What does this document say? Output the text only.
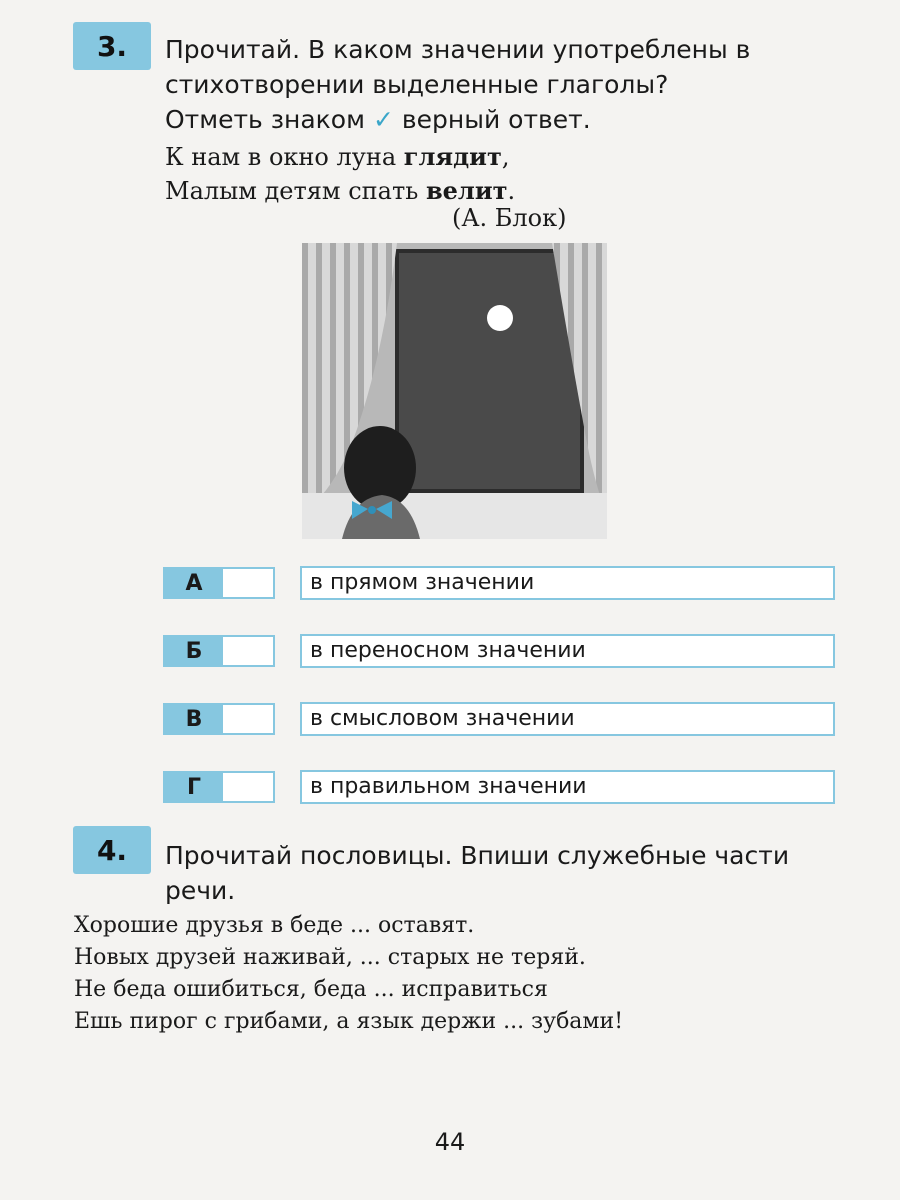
3.	Прочитай. В каком значении употреблены в
стихотворении выделенные глаголы?
Отметь знаком ✓ верный ответ.
К нам в окно луна глядит,
Малым детям спать велит.
(А. Блок)
А	в прямом значении
Б	в переносном значении
В	в смысловом значении
Г	в правильном значении
4.	Прочитай пословицы. Впиши служебные части
речи.
Хорошие друзья в беде ... оставят.
Новых друзей наживай, ... старых не теряй.
Не беда ошибиться, беда ... исправиться
Ешь пирог с грибами, а язык держи ... зубами!
44
